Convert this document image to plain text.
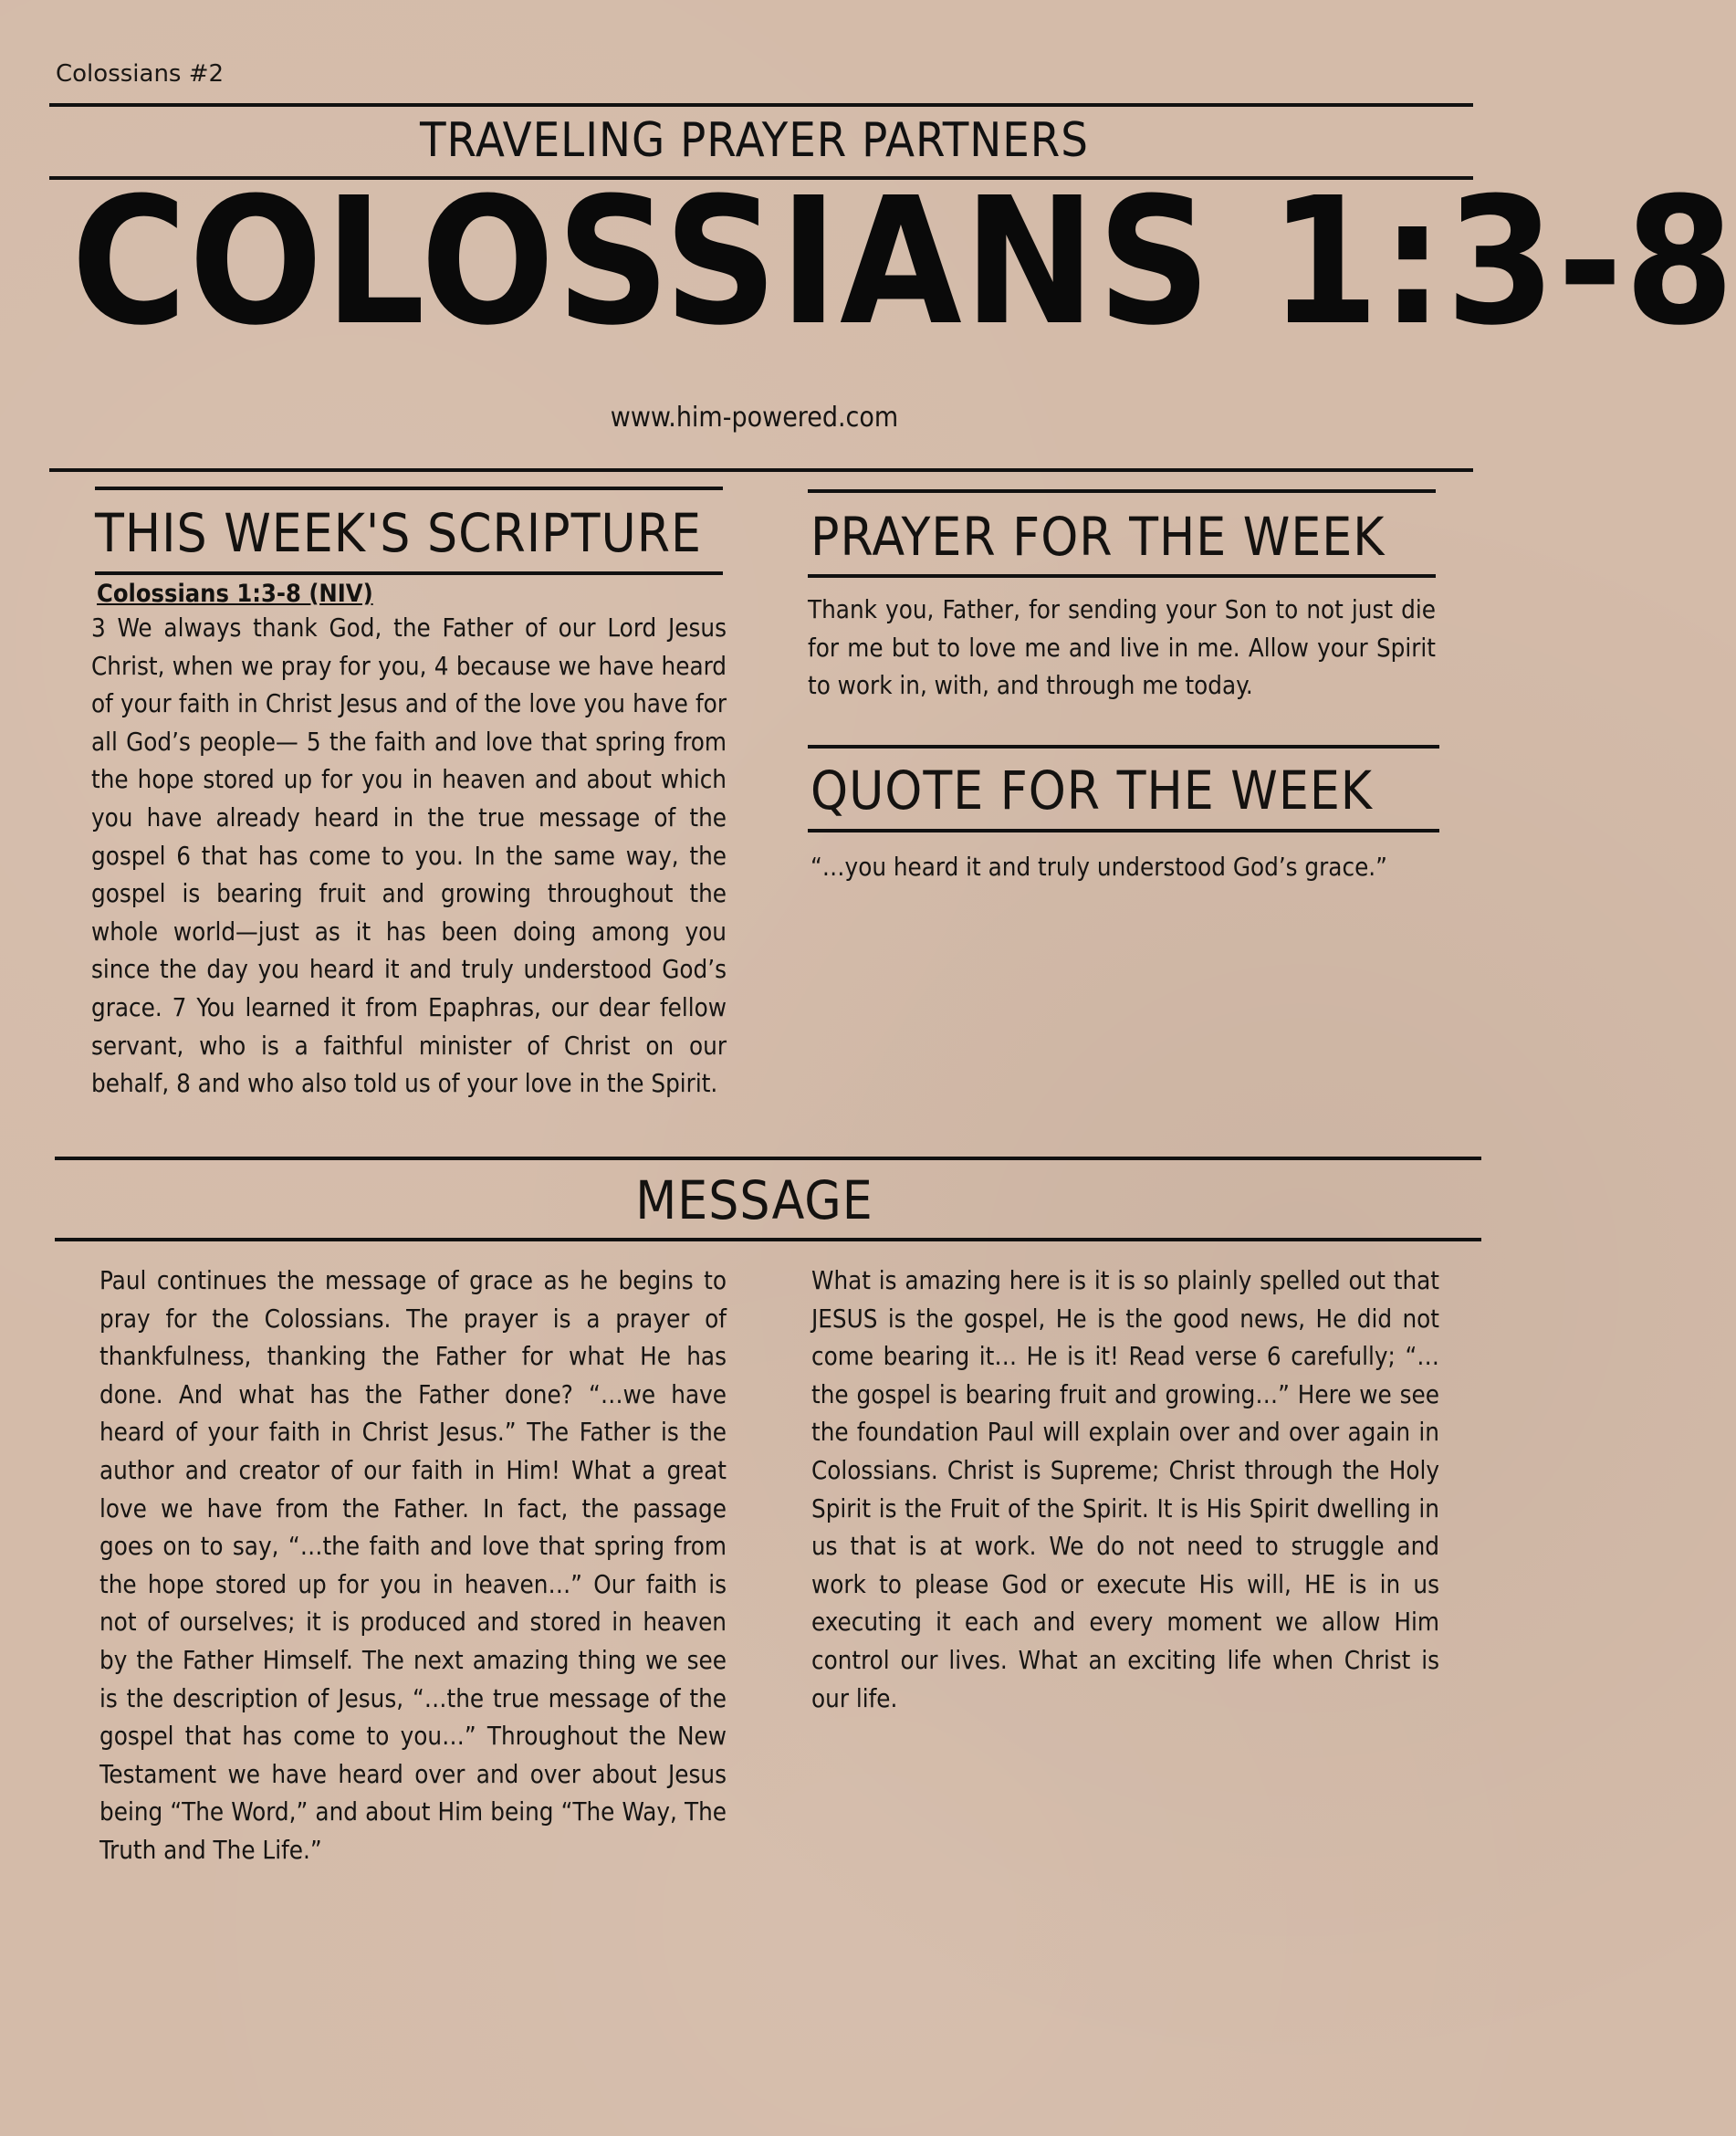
Colossians #2
TRAVELING PRAYER PARTNERS
COLOSSIANS 1:3-8
www.him-powered.com
THIS WEEK'S SCRIPTURE
Colossians 1:3-8 (NIV)
3 We always thank God, the Father of our Lord Jesus Christ, when we pray for you, 4 because we have heard of your faith in Christ Jesus and of the love you have for all God’s people— 5 the faith and love that spring from the hope stored up for you in heaven and about which you have already heard in the true message of the gospel 6 that has come to you. In the same way, the gospel is bearing fruit and growing throughout the whole world—just as it has been doing among you since the day you heard it and truly understood God’s grace. 7 You learned it from Epaphras, our dear fellow servant, who is a faithful minister of Christ on our behalf, 8 and who also told us of your love in the Spirit.
PRAYER FOR THE WEEK
Thank you, Father, for sending your Son to not just die for me but to love me and live in me. Allow your Spirit to work in, with, and through me today.
QUOTE FOR THE WEEK
“…you heard it and truly understood God’s grace.”
MESSAGE
Paul continues the message of grace as he begins to pray for the Colossians. The prayer is a prayer of thankfulness, thanking the Father for what He has done. And what has the Father done? “…we have heard of your faith in Christ Jesus.” The Father is the author and creator of our faith in Him! What a great love we have from the Father. In fact, the passage goes on to say, “…the faith and love that spring from the hope stored up for you in heaven…” Our faith is not of ourselves; it is produced and stored in heaven by the Father Himself. The next amazing thing we see is the description of Jesus, “…the true message of the gospel that has come to you…” Throughout the New Testament we have heard over and over about Jesus being “The Word,” and about Him being “The Way, The Truth and The Life.”
What is amazing here is it is so plainly spelled out that JESUS is the gospel, He is the good news, He did not come bearing it… He is it! Read verse 6 carefully; “…the gospel is bearing fruit and growing…” Here we see the foundation Paul will explain over and over again in Colossians. Christ is Supreme; Christ through the Holy Spirit is the Fruit of the Spirit. It is His Spirit dwelling in us that is at work. We do not need to struggle and work to please God or execute His will, HE is in us executing it each and every moment we allow Him control our lives. What an exciting life when Christ is our life.
